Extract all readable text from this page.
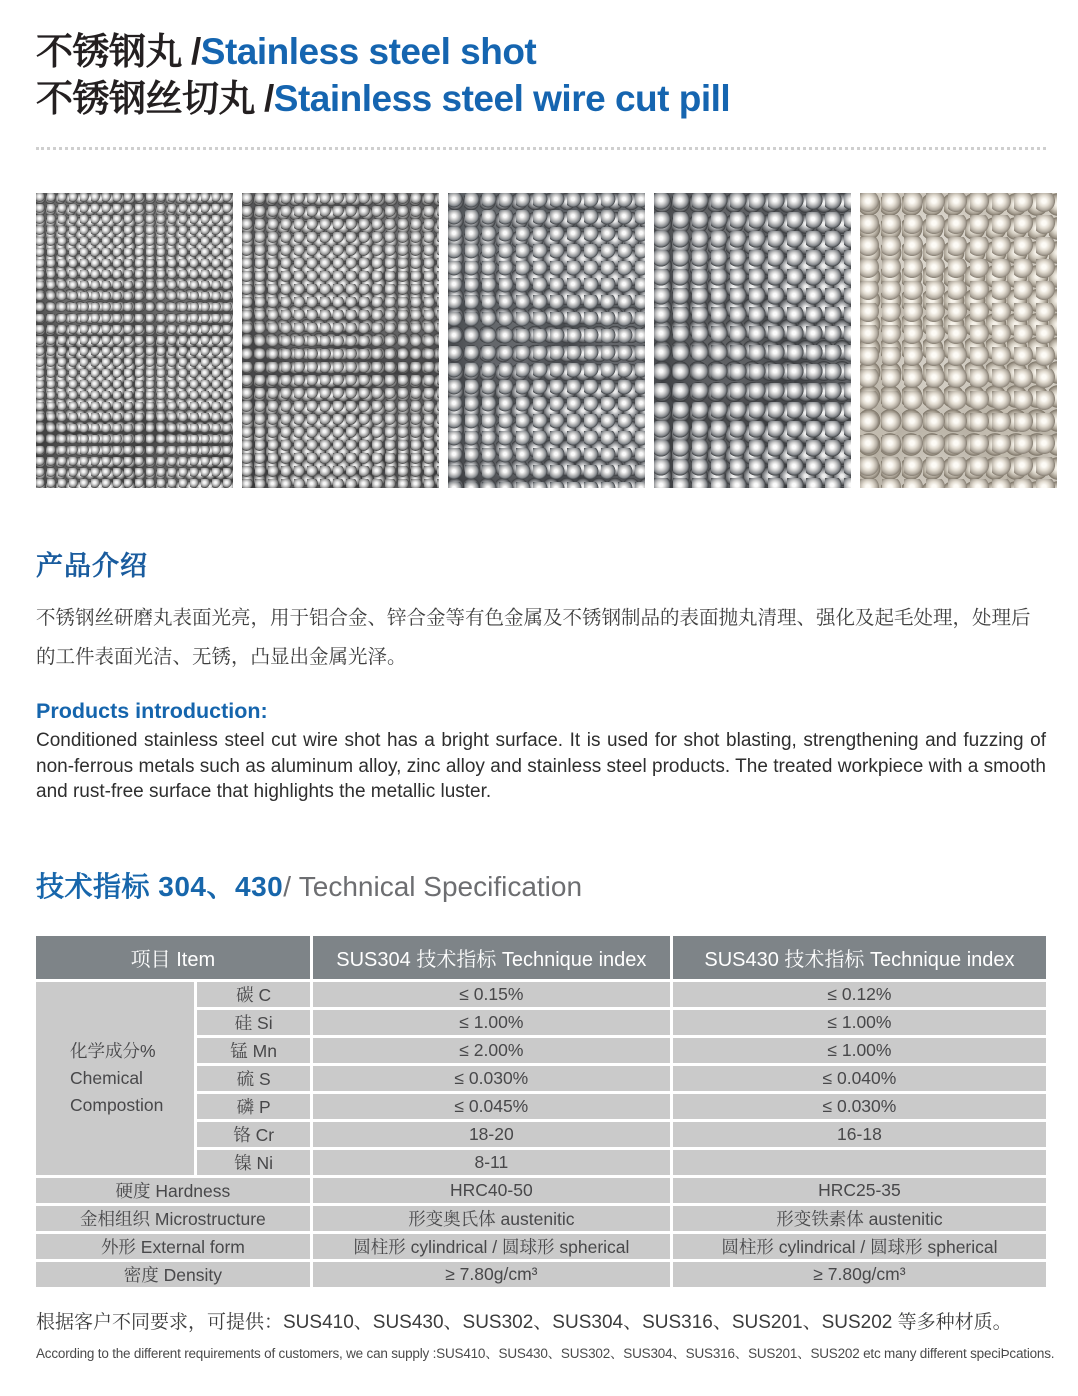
不锈钢丸 /Stainless steel shot
不锈钢丝切丸 /Stainless steel wire cut pill
产品介绍

不锈钢丝研磨丸表面光亮，用于铝合金、锌合金等有色金属及不锈钢制品的表面抛丸清理、强化及起毛处理，处理后的工件表面光洁、无锈，凸显出金属光泽。

Products introduction:

Conditioned stainless steel cut wire shot has a bright surface. It is used for shot blasting, strengthening and fuzzing of non-ferrous metals such as aluminum alloy, zinc alloy and stainless steel products. The treated workpiece with a smooth and rust-free surface that highlights the metallic luster.

技术指标 304、430/ Technical Specification
项目 Item		SUS304 技术指标 Technique index	SUS430 技术指标 Technique index

化学成分%
Chemical
Compostion	碳 C	≤ 0.15%	≤ 0.12%
	硅 Si	≤ 1.00%	≤ 1.00%
	锰 Mn	≤ 2.00%	≤ 1.00%
	硫 S	≤ 0.030%	≤ 0.040%
	磷 P	≤ 0.045%	≤ 0.030%
	铬 Cr	18-20	16-18
	镍 Ni	8-11	
硬度 Hardness		HRC40-50	HRC25-35
金相组织 Microstructure		形变奥氏体 austenitic	形变铁素体 austenitic
外形 External form		圆柱形 cylindrical / 圆球形 spherical	圆柱形 cylindrical / 圆球形 spherical
密度 Density		≥ 7.80g/cm³	≥ 7.80g/cm³

根据客户不同要求，可提供：SUS410、SUS430、SUS302、SUS304、SUS316、SUS201、SUS202 等多种材质。

According to the different requirements of customers, we can supply :SUS410、SUS430、SUS302、SUS304、SUS316、SUS201、SUS202 etc many different speciÞcations.
